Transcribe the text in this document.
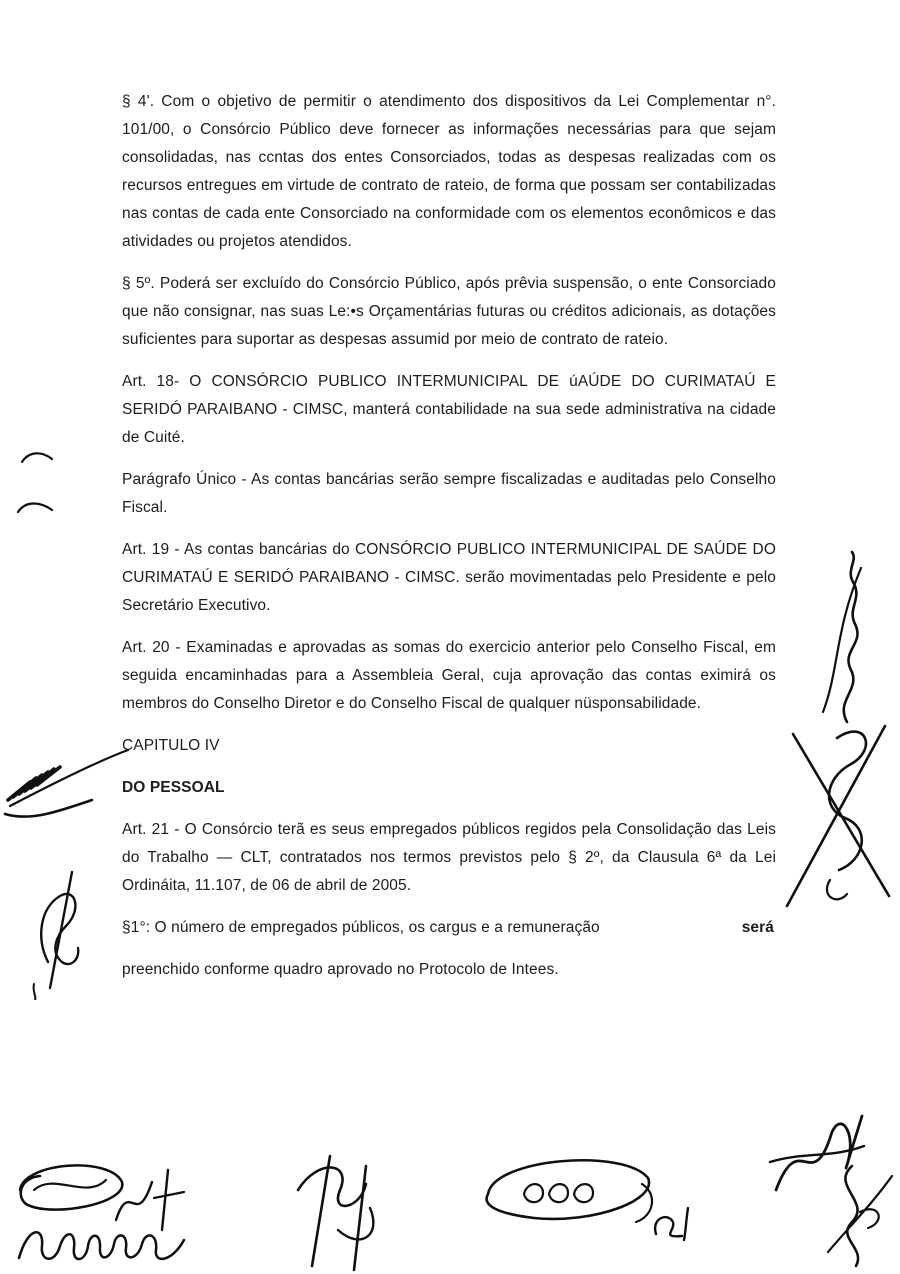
§ 4'. Com o objetivo de permitir o atendimento dos dispositivos da Lei Complementar n°. 101/00, o Consórcio Público deve fornecer as informações necessárias para que sejam consolidadas, nas ccntas dos entes Consorciados, todas as despesas realizadas com os recursos entregues em virtude de contrato de rateio, de forma que possam ser contabilizadas nas contas de cada ente Consorciado na conformidade com os elementos econômicos e das atividades ou projetos atendidos.

§ 5º. Poderá ser excluído do Consórcio Público, após prêvia suspensão, o ente Consorciado que não consignar, nas suas Le:•s Orçamentárias futuras ou créditos adicionais, as dotações suficientes para suportar as despesas assumid por meio de contrato de rateio.

Art. 18- O CONSÓRCIO PUBLICO INTERMUNICIPAL DE úAÚDE DO CURIMATAÚ E SERIDÓ PARAIBANO - CIMSC, manterá contabilidade na sua sede administrativa na cidade de Cuité.

Parágrafo Único - As contas bancárias serão sempre fiscalizadas e auditadas pelo Conselho Fiscal.

Art. 19 - As contas bancárias do CONSÓRCIO PUBLICO INTERMUNICIPAL DE SAÚDE DO CURIMATAÚ E SERIDÓ PARAIBANO - CIMSC. serão movimentadas pelo Presidente e pelo Secretário Executivo.

Art. 20 - Examinadas e aprovadas as somas do exercicio anterior pelo Conselho Fiscal, em seguida encaminhadas para a Assembleia Geral, cuja aprovação das contas eximirá os membros do Conselho Diretor e do Conselho Fiscal de qualquer nüsponsabilidade.

CAPITULO IV

DO PESSOAL

Art. 21 - O Consórcio terã es seus empregados públicos regidos pela Consolidação das Leis do Trabalho — CLT, contratados nos termos previstos pelo § 2º, da Clausula 6ª da Lei Ordináita, 11.107, de 06 de abril de 2005.

§1°: O número de empregados públicos, os cargus e a remuneração	será

preenchido conforme quadro aprovado no Protocolo de Intees.
